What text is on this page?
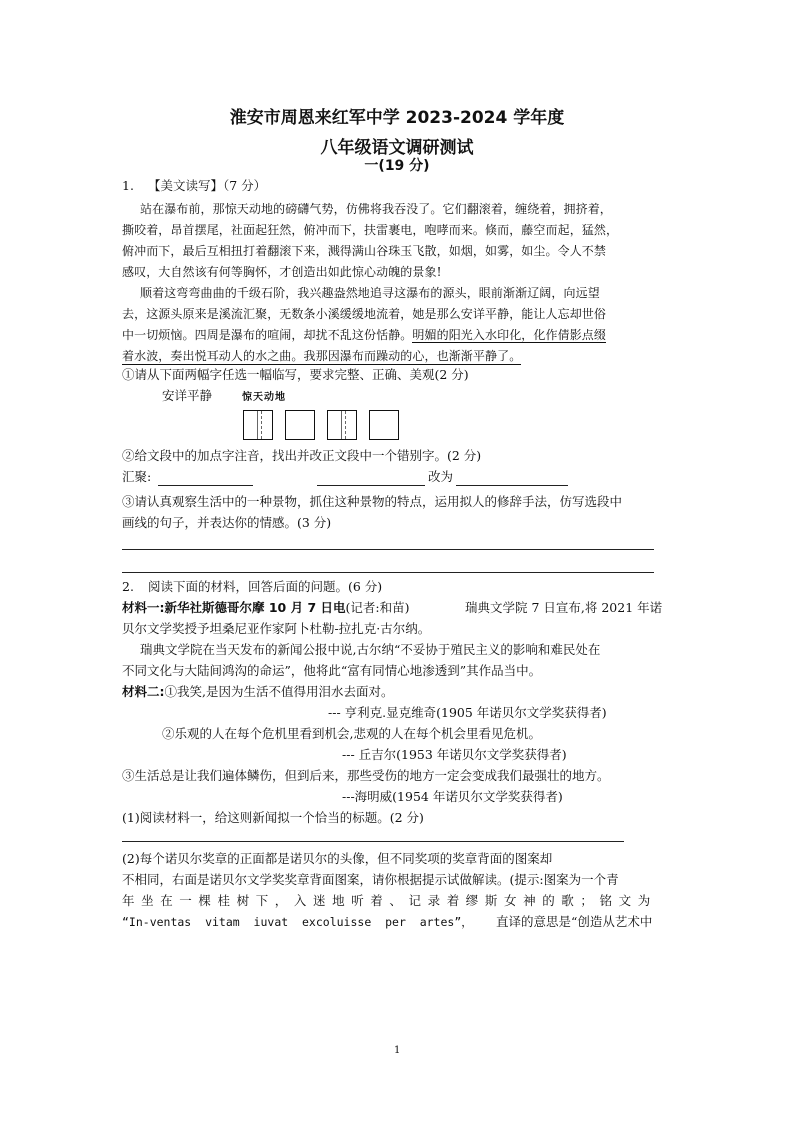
淮安市周恩来红军中学 2023-2024 学年度
八年级语文调研测试
一(19 分)
1. 【美文读写】（7 分）
站在瀑布前，那惊天动地的磅礴气势，仿佛将我吞没了。它们翻滚着，缠绕着，拥挤着，
撕咬着，昂首摆尾，社面起狂然，俯冲而下，扶雷裹电，咆哮而来。倏而，藤空而起，猛然，
俯冲而下，最后互相扭打着翻滚下来，溅得满山谷珠玉飞散，如烟，如雾，如尘。令人不禁
感叹，大自然该有何等胸怀，才创造出如此惊心动魄的景象!
顺着这弯弯曲曲的千级石阶，我兴趣盎然地追寻这瀑布的源头，眼前渐渐辽阔，向远望
去，这源头原来是溪流汇聚，无数条小溪缓缓地流着，她是那么安详平静，能让人忘却世俗
中一切烦恼。四周是瀑布的喧闹，却扰不乱这份恬静。明媚的阳光入水印化，化作倩影点缀
着水波，奏出悦耳动人的水之曲。我那因瀑布而躁动的心，也渐渐平静了。
①请从下面两幅字任选一幅临写，要求完整、正确、美观(2 分)
安详平静	惊天动地
②给文段中的加点字注音，找出并改正文段中一个错别字。(2 分)
汇聚:	改为
③请认真观察生活中的一种景物，抓住这种景物的特点，运用拟人的修辞手法，仿写选段中
画线的句子，并表达你的情感。(3 分)
2. 阅读下面的材料，回答后面的问题。(6 分)
材料一:新华社斯德哥尔摩 10 月 7 日电(记者:和苗)	瑞典文学院 7 日宣布,将 2021 年诺
贝尔文学奖授予坦桑尼亚作家阿卜杜勒-拉扎克·古尔纳。
瑞典文学院在当天发布的新闻公报中说,古尔纳“不妥协于殖民主义的影响和难民处在
不同文化与大陆间鸿沟的命运”，他将此“富有同情心地渗透到”其作品当中。
材料二:①我笑,是因为生活不值得用泪水去面对。
--- 亨利克.显克维奇(1905 年诺贝尔文学奖获得者)
②乐观的人在每个危机里看到机会,悲观的人在每个机会里看见危机。
--- 丘吉尔(1953 年诺贝尔文学奖获得者)
③生活总是让我们遍体鳞伤，但到后来，那些受伤的地方一定会变成我们最强壮的地方。
---海明威(1954 年诺贝尔文学奖获得者)
(1)阅读材料一，给这则新闻拟一个恰当的标题。(2 分)
(2)每个诺贝尔奖章的正面都是诺贝尔的头像，但不同奖项的奖章背面的图案却
不相同，右面是诺贝尔文学奖奖章背面图案，请你根据提示试做解读。(提示:图案为一个青
年坐在一棵桂树下，入迷地听着、记录着缪斯女神的歌；铭文为
“In-ventas  vitam  iuvat  excoluisse  per  artes”， 直译的意思是“创造从艺术中
1
